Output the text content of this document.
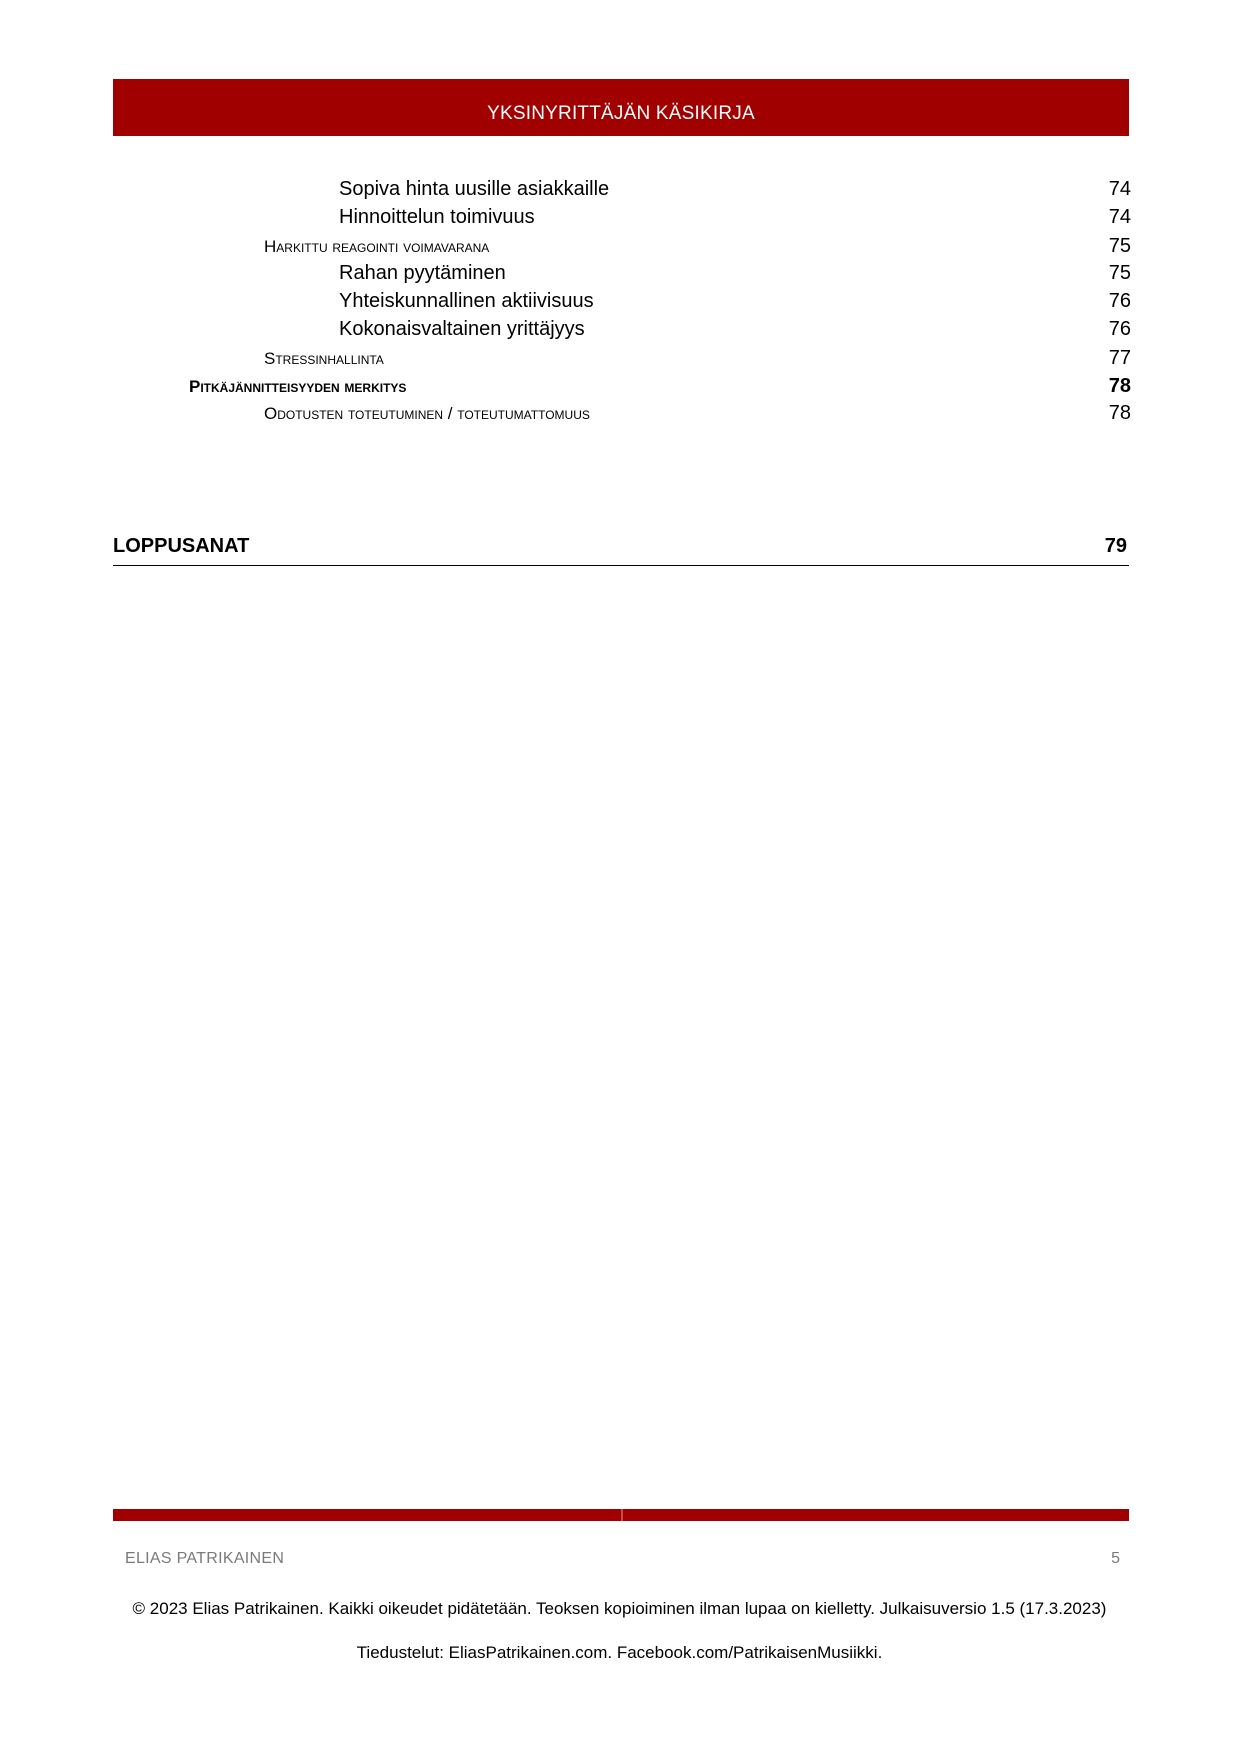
YKSINYRITTÄJÄN KÄSIKIRJA
Sopiva hinta uusille asiakkaille	74
Hinnoittelun toimivuus	74
Harkittu reagointi voimavarana	75
Rahan pyytäminen	75
Yhteiskunnallinen aktiivisuus	76
Kokonaisvaltainen yrittäjyys	76
Stressinhallinta	77
Pitkäjännitteisyyden merkitys	78
Odotusten toteutuminen / toteutumattomuus	78
LOPPUSANAT	79
ELIAS PATRIKAINEN	5
© 2023 Elias Patrikainen. Kaikki oikeudet pidätetään. Teoksen kopioiminen ilman lupaa on kielletty. Julkaisuversio 1.5 (17.3.2023)
Tiedustelut: EliasPatrikainen.com. Facebook.com/PatrikaisenMusiikki.
